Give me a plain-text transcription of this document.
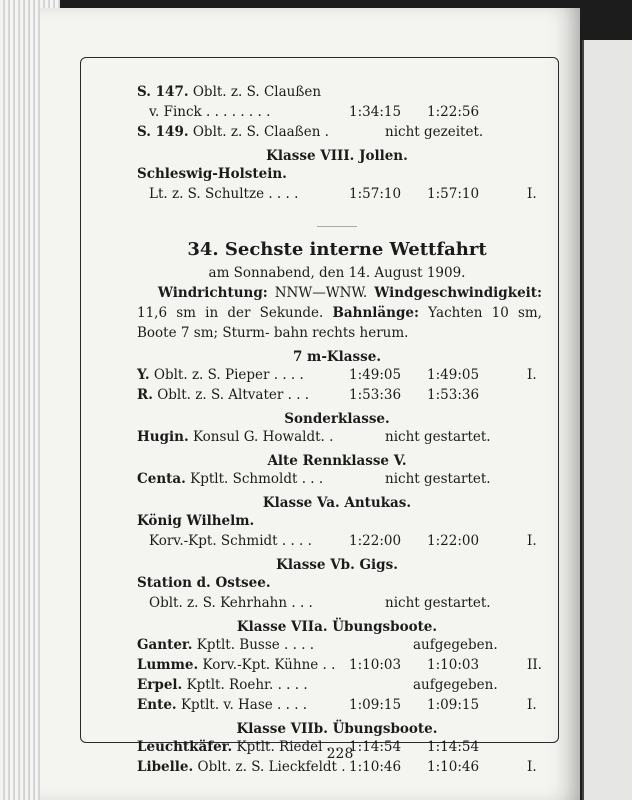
S. 147. Oblt. z. S. Claußen
v. Finck . . . . . . . .	1:34:15 1:22:56
S. 149. Oblt. z. S. Claaßen .	nicht gezeitet.
Klasse VIII. Jollen.
Schleswig-Holstein.
Lt. z. S. Schultze . . . .	1:57:10 1:57:10	I.
34. Sechste interne Wettfahrt
am Sonnabend, den 14. August 1909.
Windrichtung: NNW—WNW. Windgeschwindigkeit: 11,6 sm in der Sekunde. Bahnlänge: Yachten 10 sm, Boote 7 sm; Sturm- bahn rechts herum.
7 m-Klasse.
Y. Oblt. z. S. Pieper . . . .	1:49:05 1:49:05	I.
R. Oblt. z. S. Altvater . . .	1:53:36 1:53:36
Sonderklasse.
Hugin. Konsul G. Howaldt. .	nicht gestartet.
Alte Rennklasse V.
Centa. Kptlt. Schmoldt . . .	nicht gestartet.
Klasse Va. Antukas.
König Wilhelm.
Korv.-Kpt. Schmidt . . . .	1:22:00 1:22:00	I.
Klasse Vb. Gigs.
Station d. Ostsee.
Oblt. z. S. Kehrhahn . . .	nicht gestartet.
Klasse VIIa. Übungsboote.
Ganter. Kptlt. Busse . . . .	aufgegeben.
Lumme. Korv.-Kpt. Kühne . . 1:10:03 1:10:03	II.
Erpel. Kptlt. Roehr. . . . .	aufgegeben.
Ente. Kptlt. v. Hase . . . .	1:09:15 1:09:15	I.
Klasse VIIb. Übungsboote.
Leuchtkäfer. Kptlt. Riedel . . 1:14:54 1:14:54
Libelle. Oblt. z. S. Lieckfeldt . 1:10:46 1:10:46	I.
228
